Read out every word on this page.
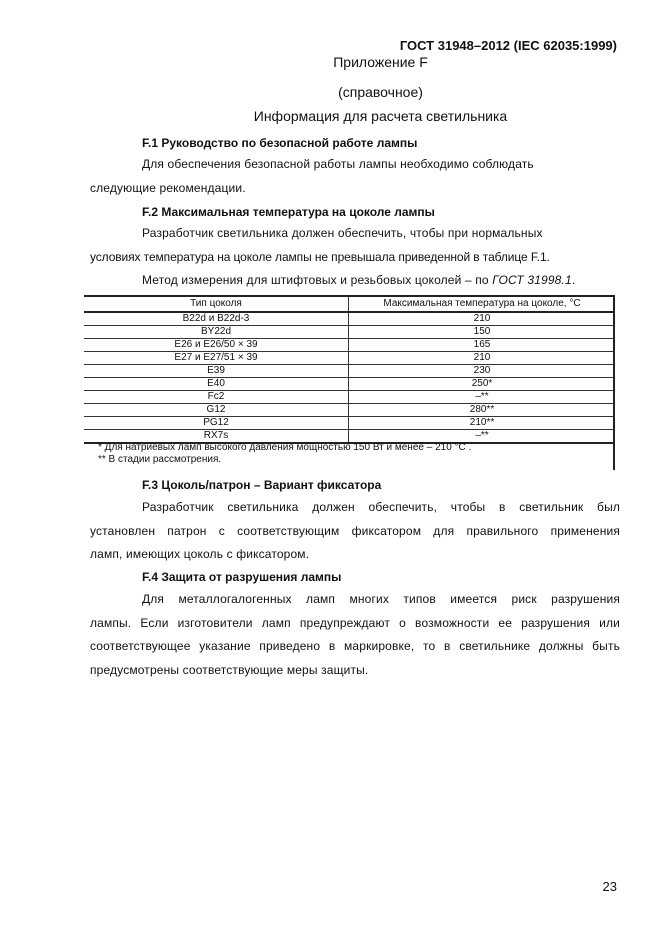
ГОСТ 31948–2012 (IEC 62035:1999)
Приложение F
(справочное)
Информация для расчета светильника
F.1 Руководство по безопасной работе лампы
Для обеспечения безопасной работы лампы необходимо соблюдать
следующие рекомендации.
F.2 Максимальная температура на цоколе лампы
Разработчик светильника должен обеспечить, чтобы при нормальных
условиях температура на цоколе лампы не превышала приведенной в таблице F.1.
Метод измерения для штифтовых и резьбовых цоколей – по ГОСТ 31998.1.
Тип цоколя	Максимальная температура на цоколе, °С
B22d и B22d-3	210
BY22d	150
E26 и E26/50 × 39	165
E27 и E27/51 × 39	210
E39	230
E40	250*
Fc2	–**
G12	280**
PG12	210**
RX7s	–**
* Для натриевых ламп высокого давления мощностью 150 Вт и менее – 210 °С .
** В стадии рассмотрения.
F.3 Цоколь/патрон – Вариант фиксатора
Разработчик светильника должен обеспечить, чтобы в светильник был
установлен патрон с соответствующим фиксатором для правильного применения
ламп, имеющих цоколь с фиксатором.
F.4 Защита от разрушения лампы
Для металлогалогенных ламп многих типов имеется риск разрушения
лампы. Если изготовители ламп предупреждают о возможности ее разрушения или
соответствующее указание приведено в маркировке, то в светильнике должны быть
предусмотрены соответствующие меры защиты.
23
